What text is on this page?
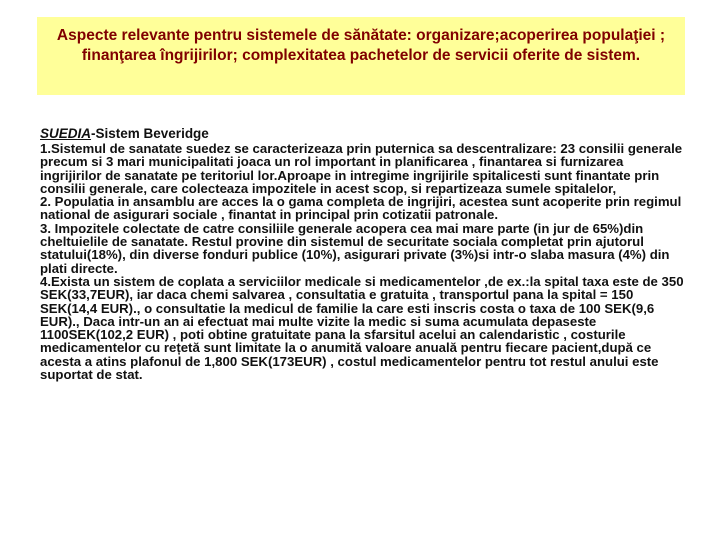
Aspecte relevante pentru sistemele de sănătate: organizare;acoperirea populaţiei ; finanţarea îngrijirilor; complexitatea pachetelor de servicii oferite de sistem.
SUEDIA-Sistem Beveridge

1.Sistemul de sanatate suedez se caracterizeaza prin puternica sa descentralizare: 23 consilii generale precum si 3 mari municipalitati joaca un rol important in planificarea , finantarea si furnizarea ingrijirilor de sanatate pe teritoriul lor.Aproape in intregime ingrijirile spitalicesti sunt finantate prin consilii generale, care colecteaza impozitele in acest scop, si repartizeaza sumele spitalelor,

2. Populatia in ansamblu are acces la o gama completa de ingrijiri, acestea sunt acoperite prin regimul national de asigurari sociale , finantat in principal prin cotizatii patronale.

3. Impozitele colectate de catre consiliile generale acopera cea mai mare parte (in jur de 65%)din cheltuielile de sanatate. Restul provine din sistemul de securitate sociala completat prin ajutorul statului(18%), din diverse fonduri publice (10%), asigurari private (3%)si intr-o slaba masura (4%) din plati directe.

4.Exista un sistem de coplata a serviciilor medicale si medicamentelor ,de ex.:la spital taxa este de 350 SEK(33,7EUR), iar daca chemi salvarea , consultatia e gratuita , transportul pana la spital = 150 SEK(14,4 EUR)., o consultatie la medicul de familie la care esti inscris costa o taxa de 100 SEK(9,6 EUR)., Daca intr-un an ai efectuat mai multe vizite la medic si suma acumulata depaseste 1100SEK(102,2 EUR) , poti obtine gratuitate pana la sfarsitul acelui an calendaristic , costurile medicamentelor cu rețetă sunt limitate la o anumită valoare anuală pentru fiecare pacient,după ce acesta a atins plafonul de 1,800 SEK(173EUR) , costul medicamentelor pentru tot restul anului este suportat de stat.
